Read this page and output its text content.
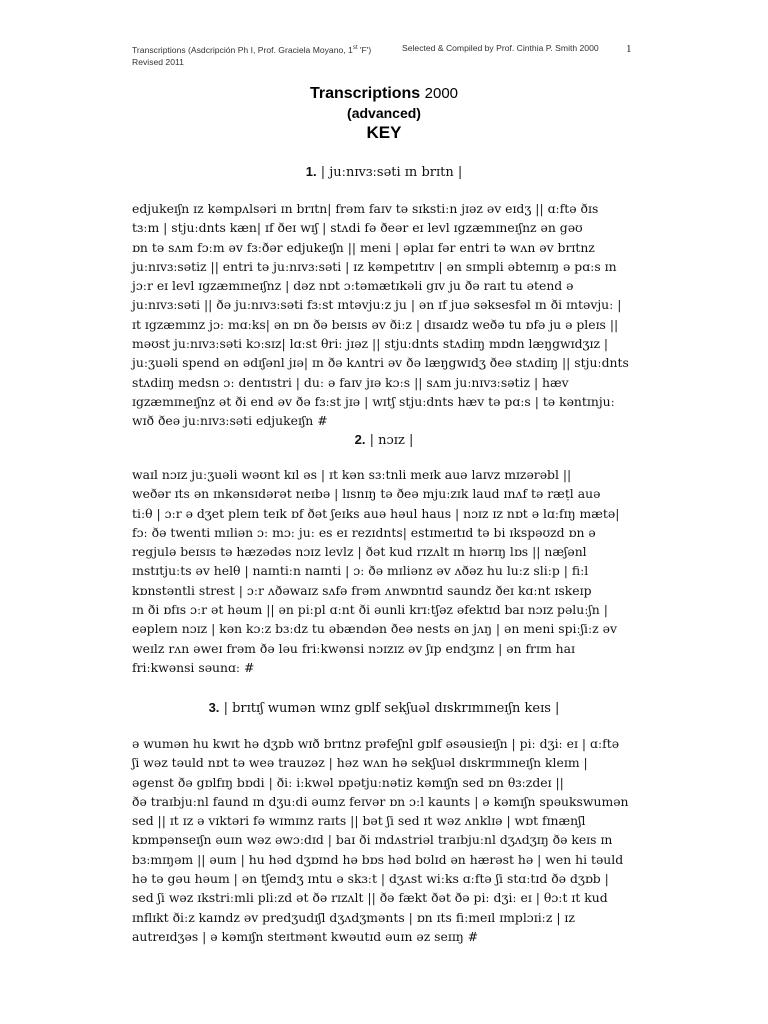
Transcriptions (Asdcripción Ph I, Prof. Graciela Moyano, 1st 'F')	Selected & Compiled by Prof. Cinthia P. Smith 2000
Revised 2011
1
Transcriptions 2000
(advanced)
KEY
1. | juːnɪvɜːsəti ɪn brɪtn |
edjukeɪʃn ɪz kəmpʌlsəri ɪn brɪtn| frəm faɪv tə sɪkstiːn jɪəz əv eɪdʒ || ɑːftə ðɪs
tɜːm | stjuːdnts kæn| ɪf ðeɪ wɪʃ | stʌdi fə ðeər eɪ levl ɪgzæmɪneɪʃnz ən gəʊ
ɒn tə sʌm fɔːm əv fɜːðər edjukeɪʃn || meni | əplaɪ fər entri tə wʌn əv brɪtnz
juːnɪvɜːsətiz || entri tə juːnɪvɜːsəti | ɪz kəmpetɪtɪv | ən sɪmpli əbteɪnɪŋ ə pɑːs ɪn
jɔːr eɪ levl ɪgzæmɪneɪʃnz | dəz nɒt ɔːtəmætɪkəli gɪv ju ðə raɪt tu ətend ə
juːnɪvɜːsəti || ðə juːnɪvɜːsəti fɜːst ɪntəvjuːz ju | ən ɪf juə səksesfəl ɪn ði ɪntəvjuː |
ɪt ɪgzæmɪnz jɔː mɑːks| ən ɒn ðə beɪsɪs əv ðiːz | dɪsaɪdz weðə tu ɒfə ju ə pleɪs ||
məʊst juːnɪvɜːsəti kɔːsɪz| lɑːst θriː jɪəz || stjuːdnts stʌdiɪŋ mɒdn læŋgwɪdʒɪz |
juːʒuəli spend ən ədɪʃənl jɪə| ɪn ðə kʌntri əv ðə læŋgwɪdʒ ðeə stʌdiɪŋ || stjuːdnts
stʌdiɪŋ medsn ɔː dentɪstri | duː ə faɪv jɪə kɔːs || sʌm juːnɪvɜːsətiz | hæv
ɪgzæmɪneɪʃnz ət ði end əv ðə fɜːst jɪə | wɪtʃ stjuːdnts hæv tə pɑːs | tə kəntɪnjuː
wɪð ðeə juːnɪvɜːsəti edjukeɪʃn #
2. | nɔɪz |
waɪl nɔɪz juːʒuəli wəʊnt kɪl əs | ɪt kən sɜːtnli meɪk auə laɪvz mɪzərəbl ||
weðər ɪts ən ɪnkənsɪdərət neɪbə | lɪsnɪŋ tə ðeə mjuːzɪk laud ɪnʌf tə ræṭl auə
tiːθ | ɔːr ə dʒet pleɪn teɪk ɒf ðət ʃeɪks auə həul haus | nɔɪz ɪz nɒt ə lɑːfɪŋ mætə|
fɔː ðə twenti mɪliən ɔː mɔː juː es eɪ rezɪdnts| estɪmeɪtɪd tə bi ɪkspəʊzd ɒn ə
regjulə beɪsɪs tə hæzədəs nɔɪz levlz | ðət kud rɪzʌlt ɪn hɪərɪŋ lɒs || næʃənl
ɪnstɪtjuːts əv helθ | naɪntiːn naɪnti | ɔː ðə mɪliənz əv ʌðəz hu luːz sliːp | fiːl
kɒnstəntli strest | ɔːr ʌðəwaɪz sʌfə frəm ʌnwɒntɪd saundz ðeɪ kɑːnt ɪskeɪp
ɪn ði ɒfɪs ɔːr ət həum || ən piːpl ɑːnt ði əunli krɪːtʃəz əfektɪd baɪ nɔɪz pəluːʃn |
eəplеɪn nɔɪz | kən kɔːz bɜːdz tu əbændən ðeə nests ən jʌŋ | ən meni spiːʃiːz əv
weɪlz rʌn əweɪ frəm ðə ləu friːkwənsi nɔɪzɪz əv ʃɪp endʒɪnz | ən frɪm haɪ
friːkwənsi səunɑː #
3. | brɪtɪʃ wumən wɪnz gɒlf sekʃuəl dɪskrɪmɪneɪʃn keɪs |
ə wumən hu kwɪt hə dʒɒb wɪð brɪtnz prəfeʃnl gɒlf əsəusieɪʃn | piː dʒiː eɪ | ɑːftə
ʃi wəz təuld nɒt tə weə trauzəz | həz wʌn hə sekʃuəl dɪskrɪmɪneɪʃn kleɪm |
əgenst ðə gɒlfɪŋ bɒdi | ðiː iːkwəl ɒpətjuːnətiz kəmɪʃn sed ɒn θɜːzdeɪ ||
ðə traɪbjuːnl faund ɪn dʒuːdi əuɪnz feɪvər ɒn ɔːl kaunts | ə kəmɪʃn spəukswumən
sed || ɪt ɪz ə vɪktəri fə wɪmɪnz raɪts || bət ʃi sed ɪt wəz ʌnklɪə | wɒt fɪnænʃl
kɒmpənseɪʃn əuɪn wəz əwɔːdɪd | baɪ ði ɪndʌstriəl traɪbjuːnl dʒʌdʒɪŋ ðə keɪs ɪn
bɜːmɪŋəm || əuɪn | hu həd dʒɒɪnd hə bɒs həd bʊlɪd ən hærəst hə | wen hi təuld
hə tə gəu həum | ən tʃeɪndʒ ɪntu ə skɜːt | dʒʌst wiːks ɑːftə ʃi stɑːtɪd ðə dʒɒb |
sed ʃi wəz ɪkstriːmli pliːzd ət ðə rɪzʌlt || ðə fækt ðət ðə piː dʒiː eɪ | θɔːt ɪt kud
ɪnflɪkt ðiːz kaɪndz əv predʒudɪʃl dʒʌdʒmənts | ɒn ɪts fiːmeɪl ɪmplɔɪiːz | ɪz
autreɪdʒəs | ə kəmɪʃn steɪtmənt kwəutɪd əuɪn əz seɪɪŋ #
